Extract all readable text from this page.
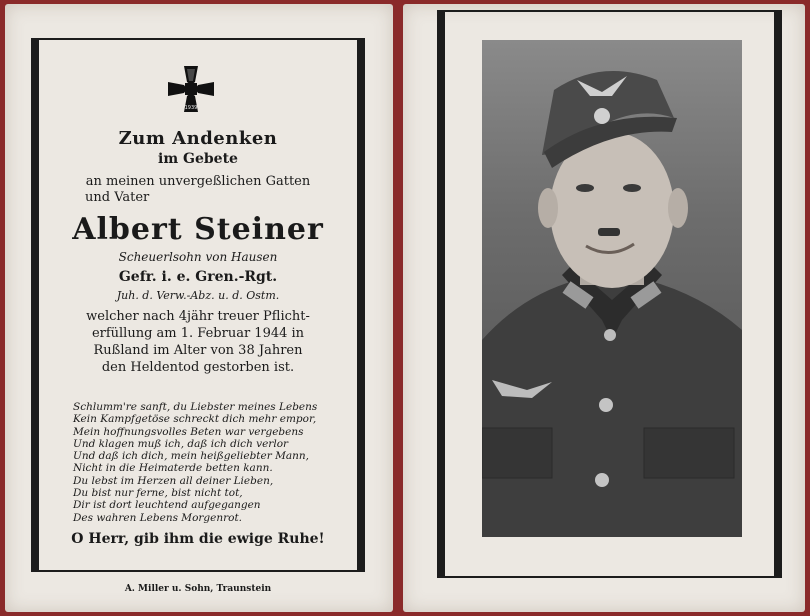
1939
Zum Andenken
im Gebete
an meinen unvergeßlichen Gatten
und Vater
Albert Steiner
Scheuerlsohn von Hausen
Gefr. i. e. Gren.-Rgt.
Juh. d. Verw.-Abz. u. d. Ostm.
welcher nach 4jähr treuer Pflicht-
erfüllung am 1. Februar 1944 in
Rußland im Alter von 38 Jahren
den Heldentod gestorben ist.
Schlumm're sanft, du Liebster meines Lebens
Kein Kampfgetöse schreckt dich mehr empor,
Mein hoffnungsvolles Beten war vergebens
Und klagen muß ich, daß ich dich verlor
Und daß ich dich, mein heißgeliebter Mann,
Nicht in die Heimaterde betten kann.
Du lebst im Herzen all deiner Lieben,
Du bist nur ferne, bist nicht tot,
Dir ist dort leuchtend aufgegangen
Des wahren Lebens Morgenrot.
O Herr, gib ihm die ewige Ruhe!
A. Miller u. Sohn, Traunstein
